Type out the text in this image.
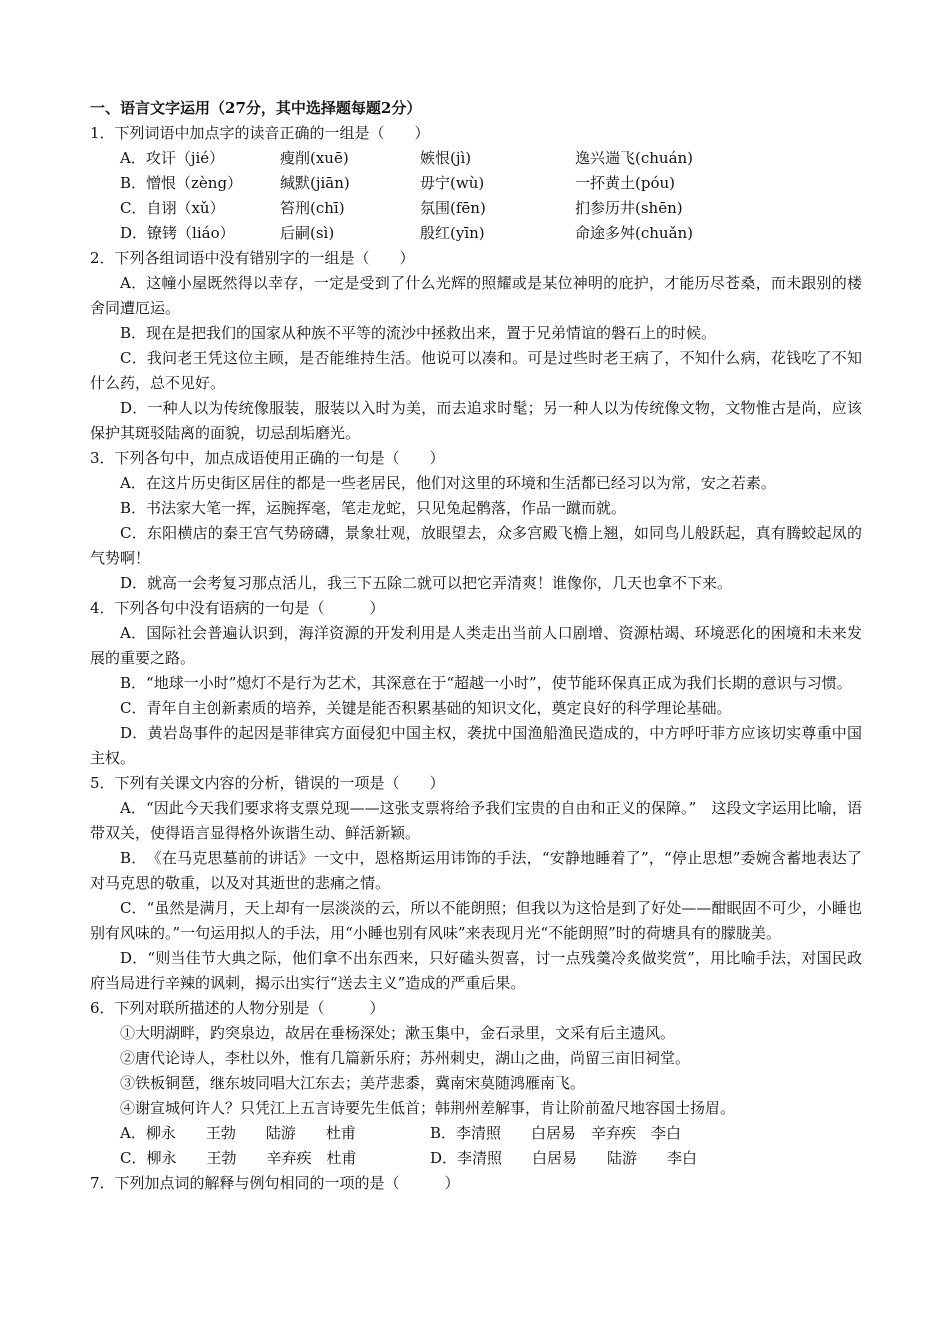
一、语言文字运用（27分，其中选择题每题2分）
1．下列词语中加点字的读音正确的一组是（　　）
A．攻讦（jié）	瘦削(xuē)	嫉恨(jì)	逸兴遄飞(chuán)
B．憎恨（zèng）	缄默(jiān)	毋宁(wù)	一抔黄土(póu)
C．自诩（xǔ）	笞刑(chī)	氛围(fēn)	扪参历井(shēn)
D．镣铐（liáo）	后嗣(sì)	殷红(yīn)	命途多舛(chuǎn)
2．下列各组词语中没有错别字的一组是（　　）
A．这幢小屋既然得以幸存，一定是受到了什么光辉的照耀或是某位神明的庇护，才能历尽苍桑，而未跟别的楼舍同遭厄运。
B．现在是把我们的国家从种族不平等的流沙中拯救出来，置于兄弟情谊的磐石上的时候。
C．我问老王凭这位主顾，是否能维持生活。他说可以凑和。可是过些时老王病了，不知什么病，花钱吃了不知什么药，总不见好。
D．一种人以为传统像服装，服装以入时为美，而去追求时髦；另一种人以为传统像文物，文物惟古是尚，应该保护其斑驳陆离的面貌，切忌刮垢磨光。
3．下列各句中，加点成语使用正确的一句是（　　）
A．在这片历史街区居住的都是一些老居民，他们对这里的环境和生活都已经习以为常，安之若素。
B．书法家大笔一挥，运腕挥毫，笔走龙蛇，只见兔起鹘落，作品一蹴而就。
C．东阳横店的秦王宫气势磅礴，景象壮观，放眼望去，众多宫殿飞檐上翘，如同鸟儿般跃起，真有腾蛟起凤的气势啊！
D．就高一会考复习那点活儿，我三下五除二就可以把它弄清爽！谁像你，几天也拿不下来。
4．下列各句中没有语病的一句是（　　　）
A．国际社会普遍认识到，海洋资源的开发利用是人类走出当前人口剧增、资源枯竭、环境恶化的困境和未来发展的重要之路。
B．“地球一小时”熄灯不是行为艺术，其深意在于“超越一小时”，使节能环保真正成为我们长期的意识与习惯。
C．青年自主创新素质的培养，关键是能否积累基础的知识文化，奠定良好的科学理论基础。
D．黄岩岛事件的起因是菲律宾方面侵犯中国主权，袭扰中国渔船渔民造成的，中方呼吁菲方应该切实尊重中国主权。
5．下列有关课文内容的分析，错误的一项是（　　）
A．“因此今天我们要求将支票兑现——这张支票将给予我们宝贵的自由和正义的保障。”　这段文字运用比喻，语带双关，使得语言显得格外诙谐生动、鲜活新颖。
B．　《在马克思墓前的讲话》一文中，恩格斯运用讳饰的手法，“安静地睡着了”，“停止思想”委婉含蓄地表达了对马克思的敬重，以及对其逝世的悲痛之情。
C．“虽然是满月，天上却有一层淡淡的云，所以不能朗照；但我以为这恰是到了好处——酣眠固不可少，小睡也别有风味的。”一句运用拟人的手法，用“小睡也别有风味”来表现月光“不能朗照”时的荷塘具有的朦胧美。
D．“则当佳节大典之际，他们拿不出东西来，只好磕头贺喜，讨一点残羹冷炙做奖赏”，用比喻手法，对国民政府当局进行辛辣的讽刺，揭示出实行“送去主义”造成的严重后果。
6．下列对联所描述的人物分别是（　　　）
①大明湖畔，趵突泉边，故居在垂杨深处；漱玉集中，金石录里，文采有后主遗风。
②唐代论诗人，李杜以外，惟有几篇新乐府；苏州刺史，湖山之曲，尚留三亩旧祠堂。
③铁板铜琶，继东坡同唱大江东去；美芹悲黍，冀南宋莫随鸿雁南飞。
④谢宣城何许人？只凭江上五言诗要先生低首；韩荆州差解事，肯让阶前盈尺地容国士扬眉。
A．柳永　　王勃　　陆游　　杜甫	B．李清照　　白居易　辛弃疾　李白
C．柳永　　王勃　　辛弃疾　杜甫	D．李清照　　白居易　　陆游　　李白
7．下列加点词的解释与例句相同的一项的是（　　　）
